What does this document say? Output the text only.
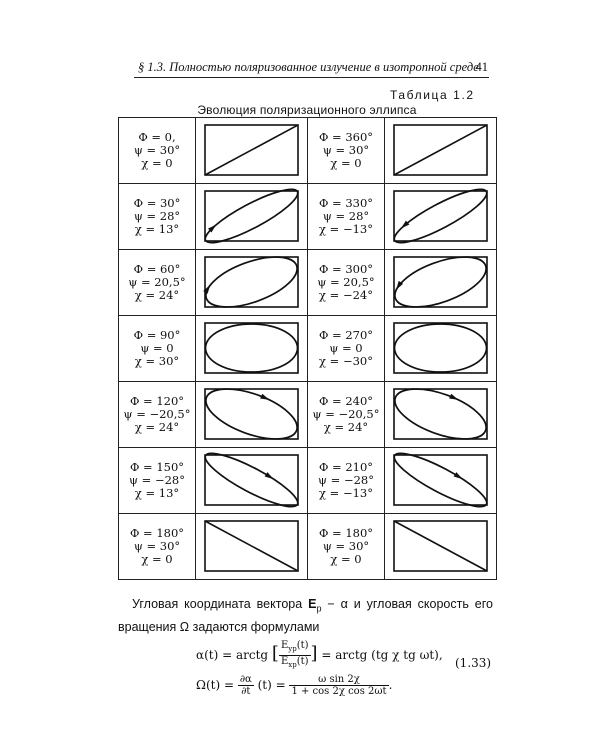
§ 1.3. Полностью поляризованное излучение в изотропной среде
41
Таблица 1.2
Эволюция поляризационного эллипса
Φ = 0,
ψ = 30°
χ = 0
Φ = 360°
ψ = 30°
χ = 0
Φ = 30°
ψ = 28°
χ = 13°
Φ = 330°
ψ = 28°
χ = −13°
Φ = 60°
ψ = 20,5°
χ = 24°
Φ = 300°
ψ = 20,5°
χ = −24°
Φ = 90°
ψ = 0
χ = 30°
Φ = 270°
ψ = 0
χ = −30°
Φ = 120°
ψ = −20,5°
χ = 24°
Φ = 240°
ψ = −20,5°
χ = 24°
Φ = 150°
ψ = −28°
χ = 13°
Φ = 210°
ψ = −28°
χ = −13°
Φ = 180°
ψ = 30°
χ = 0
Φ = 180°
ψ = 30°
χ = 0
Угловая координата вектора $E_p - \alpha$ и угловая скорость его вращения Ω задаются формулами
α(t) = arctg [ $\frac{E_{yp}(t)}{E_{xp}(t)}$ ] = arctg (tg χ tg ωt),
$\Omega(t) = \frac{\partial\alpha}{\partial t} (t) = \frac{\text{ω sin 2χ}}{\text{1 + cos 2χ cos 2ωt}}$ .
(1.33)
